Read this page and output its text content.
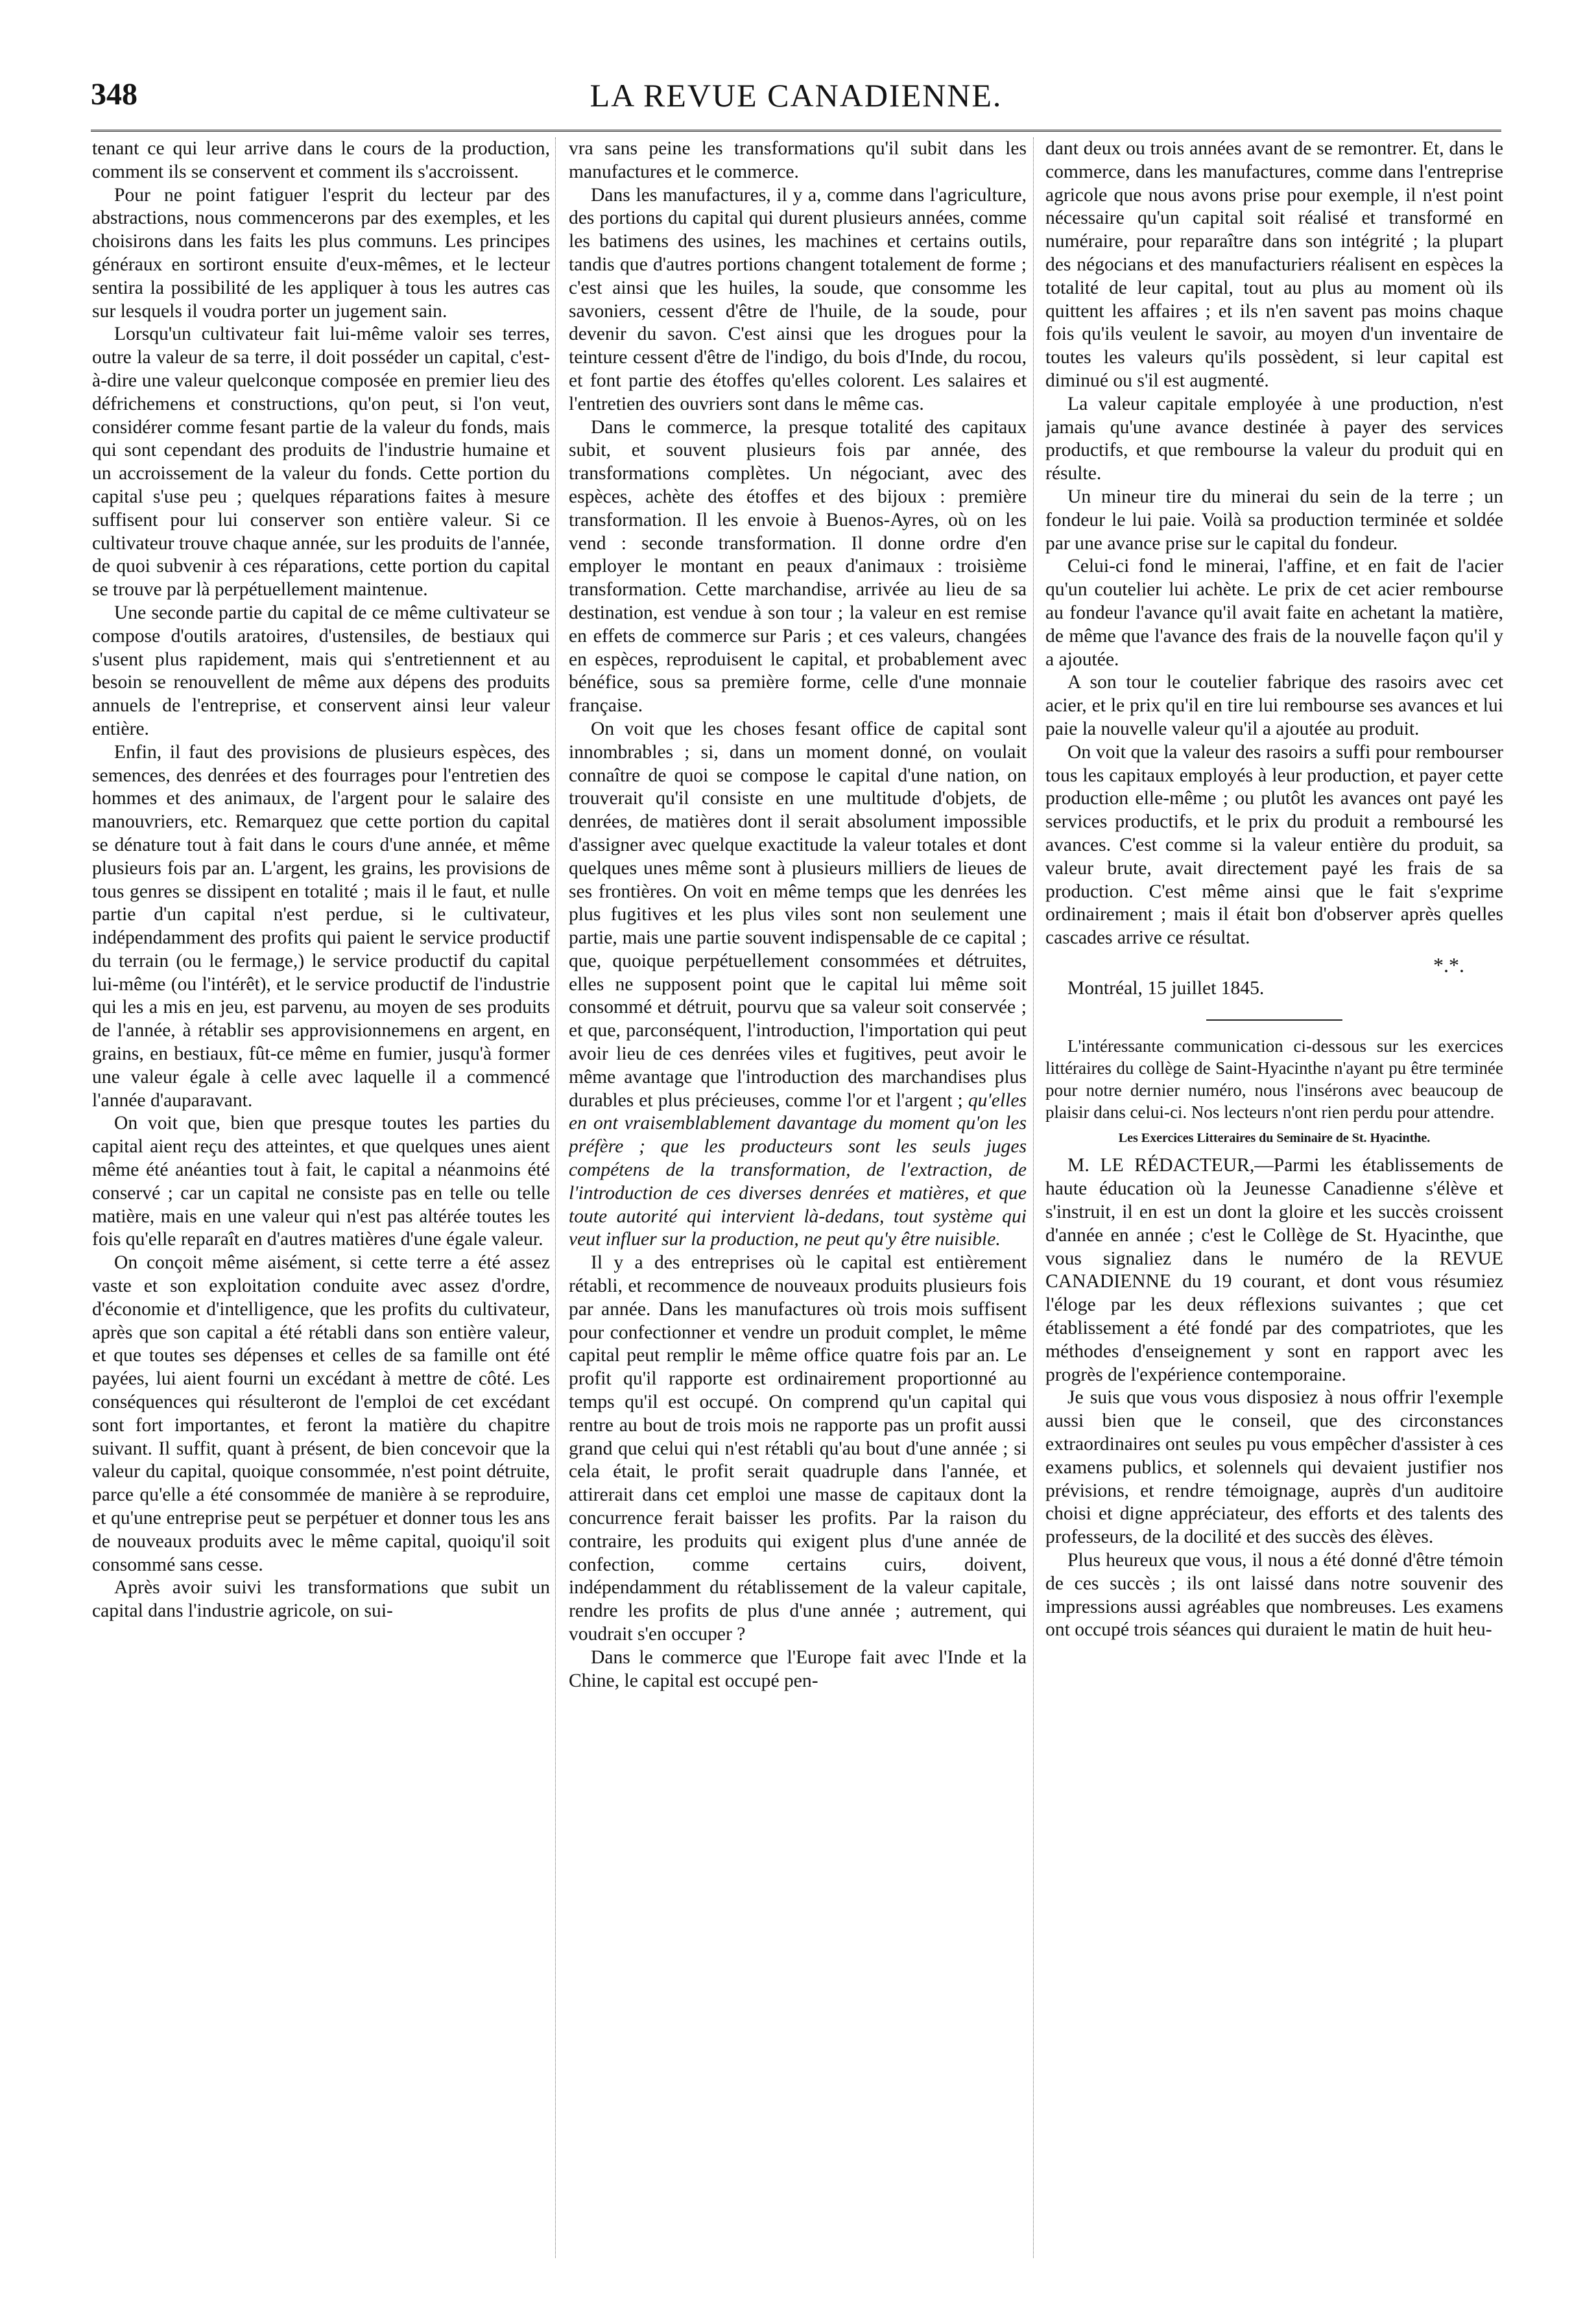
348	LA REVUE CANADIENNE.

tenant ce qui leur arrive dans le cours de la production, comment ils se conservent et comment ils s'accroissent.

Pour ne point fatiguer l'esprit du lecteur par des abstractions, nous commencerons par des exemples, et les choisirons dans les faits les plus communs. Les principes généraux en sortiront ensuite d'eux-mêmes, et le lecteur sentira la possibilité de les appliquer à tous les autres cas sur lesquels il voudra porter un jugement sain.

Lorsqu'un cultivateur fait lui-même valoir ses terres, outre la valeur de sa terre, il doit posséder un capital, c'est-à-dire une valeur quelconque composée en premier lieu des défrichemens et constructions, qu'on peut, si l'on veut, considérer comme fesant partie de la valeur du fonds, mais qui sont cependant des produits de l'industrie humaine et un accroissement de la valeur du fonds. Cette portion du capital s'use peu ; quelques réparations faites à mesure suffisent pour lui conserver son entière valeur. Si ce cultivateur trouve chaque année, sur les produits de l'année, de quoi subvenir à ces réparations, cette portion du capital se trouve par là perpétuellement maintenue.

Une seconde partie du capital de ce même cultivateur se compose d'outils aratoires, d'ustensiles, de bestiaux qui s'usent plus rapidement, mais qui s'entretiennent et au besoin se renouvellent de même aux dépens des produits annuels de l'entreprise, et conservent ainsi leur valeur entière.

Enfin, il faut des provisions de plusieurs espèces, des semences, des denrées et des fourrages pour l'entretien des hommes et des animaux, de l'argent pour le salaire des manouvriers, etc. Remarquez que cette portion du capital se dénature tout à fait dans le cours d'une année, et même plusieurs fois par an. L'argent, les grains, les provisions de tous genres se dissipent en totalité ; mais il le faut, et nulle partie d'un capital n'est perdue, si le cultivateur, indépendamment des profits qui paient le service productif du terrain (ou le fermage,) le service productif du capital lui-même (ou l'intérêt), et le service productif de l'industrie qui les a mis en jeu, est parvenu, au moyen de ses produits de l'année, à rétablir ses approvisionnemens en argent, en grains, en bestiaux, fût-ce même en fumier, jusqu'à former une valeur égale à celle avec laquelle il a commencé l'année d'auparavant.

On voit que, bien que presque toutes les parties du capital aient reçu des atteintes, et que quelques unes aient même été anéanties tout à fait, le capital a néanmoins été conservé ; car un capital ne consiste pas en telle ou telle matière, mais en une valeur qui n'est pas altérée toutes les fois qu'elle reparaît en d'autres matières d'une égale valeur.

On conçoit même aisément, si cette terre a été assez vaste et son exploitation conduite avec assez d'ordre, d'économie et d'intelligence, que les profits du cultivateur, après que son capital a été rétabli dans son entière valeur, et que toutes ses dépenses et celles de sa famille ont été payées, lui aient fourni un excédant à mettre de côté. Les conséquences qui résulteront de l'emploi de cet excédant sont fort importantes, et feront la matière du chapitre suivant. Il suffit, quant à présent, de bien concevoir que la valeur du capital, quoique consommée, n'est point détruite, parce qu'elle a été consommée de manière à se reproduire, et qu'une entreprise peut se perpétuer et donner tous les ans de nouveaux produits avec le même capital, quoiqu'il soit consommé sans cesse.

Après avoir suivi les transformations que subit un capital dans l'industrie agricole, on sui-

vra sans peine les transformations qu'il subit dans les manufactures et le commerce.

Dans les manufactures, il y a, comme dans l'agriculture, des portions du capital qui durent plusieurs années, comme les batimens des usines, les machines et certains outils, tandis que d'autres portions changent totalement de forme ; c'est ainsi que les huiles, la soude, que consomme les savoniers, cessent d'être de l'huile, de la soude, pour devenir du savon. C'est ainsi que les drogues pour la teinture cessent d'être de l'indigo, du bois d'Inde, du rocou, et font partie des étoffes qu'elles colorent. Les salaires et l'entretien des ouvriers sont dans le même cas.

Dans le commerce, la presque totalité des capitaux subit, et souvent plusieurs fois par année, des transformations complètes. Un négociant, avec des espèces, achète des étoffes et des bijoux : première transformation. Il les envoie à Buenos-Ayres, où on les vend : seconde transformation. Il donne ordre d'en employer le montant en peaux d'animaux : troisième transformation. Cette marchandise, arrivée au lieu de sa destination, est vendue à son tour ; la valeur en est remise en effets de commerce sur Paris ; et ces valeurs, changées en espèces, reproduisent le capital, et probablement avec bénéfice, sous sa première forme, celle d'une monnaie française.

On voit que les choses fesant office de capital sont innombrables ; si, dans un moment donné, on voulait connaître de quoi se compose le capital d'une nation, on trouverait qu'il consiste en une multitude d'objets, de denrées, de matières dont il serait absolument impossible d'assigner avec quelque exactitude la valeur totales et dont quelques unes même sont à plusieurs milliers de lieues de ses frontières. On voit en même temps que les denrées les plus fugitives et les plus viles sont non seulement une partie, mais une partie souvent indispensable de ce capital ; que, quoique perpétuellement consommées et détruites, elles ne supposent point que le capital lui même soit consommé et détruit, pourvu que sa valeur soit conservée ; et que, parconséquent, l'introduction, l'importation qui peut avoir lieu de ces denrées viles et fugitives, peut avoir le même avantage que l'introduction des marchandises plus durables et plus précieuses, comme l'or et l'argent ; qu'elles en ont vraisemblablement davantage du moment qu'on les préfère ; que les producteurs sont les seuls juges compétens de la transformation, de l'extraction, de l'introduction de ces diverses denrées et matières, et que toute autorité qui intervient là-dedans, tout système qui veut influer sur la production, ne peut qu'y être nuisible.

Il y a des entreprises où le capital est entièrement rétabli, et recommence de nouveaux produits plusieurs fois par année. Dans les manufactures où trois mois suffisent pour confectionner et vendre un produit complet, le même capital peut remplir le même office quatre fois par an. Le profit qu'il rapporte est ordinairement proportionné au temps qu'il est occupé. On comprend qu'un capital qui rentre au bout de trois mois ne rapporte pas un profit aussi grand que celui qui n'est rétabli qu'au bout d'une année ; si cela était, le profit serait quadruple dans l'année, et attirerait dans cet emploi une masse de capitaux dont la concurrence ferait baisser les profits. Par la raison du contraire, les produits qui exigent plus d'une année de confection, comme certains cuirs, doivent, indépendamment du rétablissement de la valeur capitale, rendre les profits de plus d'une année ; autrement, qui voudrait s'en occuper ?

Dans le commerce que l'Europe fait avec l'Inde et la Chine, le capital est occupé pen-

dant deux ou trois années avant de se remontrer. Et, dans le commerce, dans les manufactures, comme dans l'entreprise agricole que nous avons prise pour exemple, il n'est point nécessaire qu'un capital soit réalisé et transformé en numéraire, pour reparaître dans son intégrité ; la plupart des négocians et des manufacturiers réalisent en espèces la totalité de leur capital, tout au plus au moment où ils quittent les affaires ; et ils n'en savent pas moins chaque fois qu'ils veulent le savoir, au moyen d'un inventaire de toutes les valeurs qu'ils possèdent, si leur capital est diminué ou s'il est augmenté.

La valeur capitale employée à une production, n'est jamais qu'une avance destinée à payer des services productifs, et que rembourse la valeur du produit qui en résulte.

Un mineur tire du minerai du sein de la terre ; un fondeur le lui paie. Voilà sa production terminée et soldée par une avance prise sur le capital du fondeur.

Celui-ci fond le minerai, l'affine, et en fait de l'acier qu'un coutelier lui achète. Le prix de cet acier rembourse au fondeur l'avance qu'il avait faite en achetant la matière, de même que l'avance des frais de la nouvelle façon qu'il y a ajoutée.

A son tour le coutelier fabrique des rasoirs avec cet acier, et le prix qu'il en tire lui rembourse ses avances et lui paie la nouvelle valeur qu'il a ajoutée au produit.

On voit que la valeur des rasoirs a suffi pour rembourser tous les capitaux employés à leur production, et payer cette production elle-même ; ou plutôt les avances ont payé les services productifs, et le prix du produit a remboursé les avances. C'est comme si la valeur entière du produit, sa valeur brute, avait directement payé les frais de sa production. C'est même ainsi que le fait s'exprime ordinairement ; mais il était bon d'observer après quelles cascades arrive ce résultat.

*.*.

Montréal, 15 juillet 1845.

L'intéressante communication ci-dessous sur les exercices littéraires du collège de Saint-Hyacinthe n'ayant pu être terminée pour notre dernier numéro, nous l'insérons avec beaucoup de plaisir dans celui-ci. Nos lecteurs n'ont rien perdu pour attendre.

Les Exercices Litteraires du Seminaire de St. Hyacinthe.

M. LE RÉDACTEUR,—Parmi les établissements de haute éducation où la Jeunesse Canadienne s'élève et s'instruit, il en est un dont la gloire et les succès croissent d'année en année ; c'est le Collège de St. Hyacinthe, que vous signaliez dans le numéro de la REVUE CANADIENNE du 19 courant, et dont vous résumiez l'éloge par les deux réflexions suivantes ; que cet établissement a été fondé par des compatriotes, que les méthodes d'enseignement y sont en rapport avec les progrès de l'expérience contemporaine.

Je suis que vous vous disposiez à nous offrir l'exemple aussi bien que le conseil, que des circonstances extraordinaires ont seules pu vous empêcher d'assister à ces examens publics, et solennels qui devaient justifier nos prévisions, et rendre témoignage, auprès d'un auditoire choisi et digne appréciateur, des efforts et des talents des professeurs, de la docilité et des succès des élèves.

Plus heureux que vous, il nous a été donné d'être témoin de ces succès ; ils ont laissé dans notre souvenir des impressions aussi agréables que nombreuses. Les examens ont occupé trois séances qui duraient le matin de huit heu-
